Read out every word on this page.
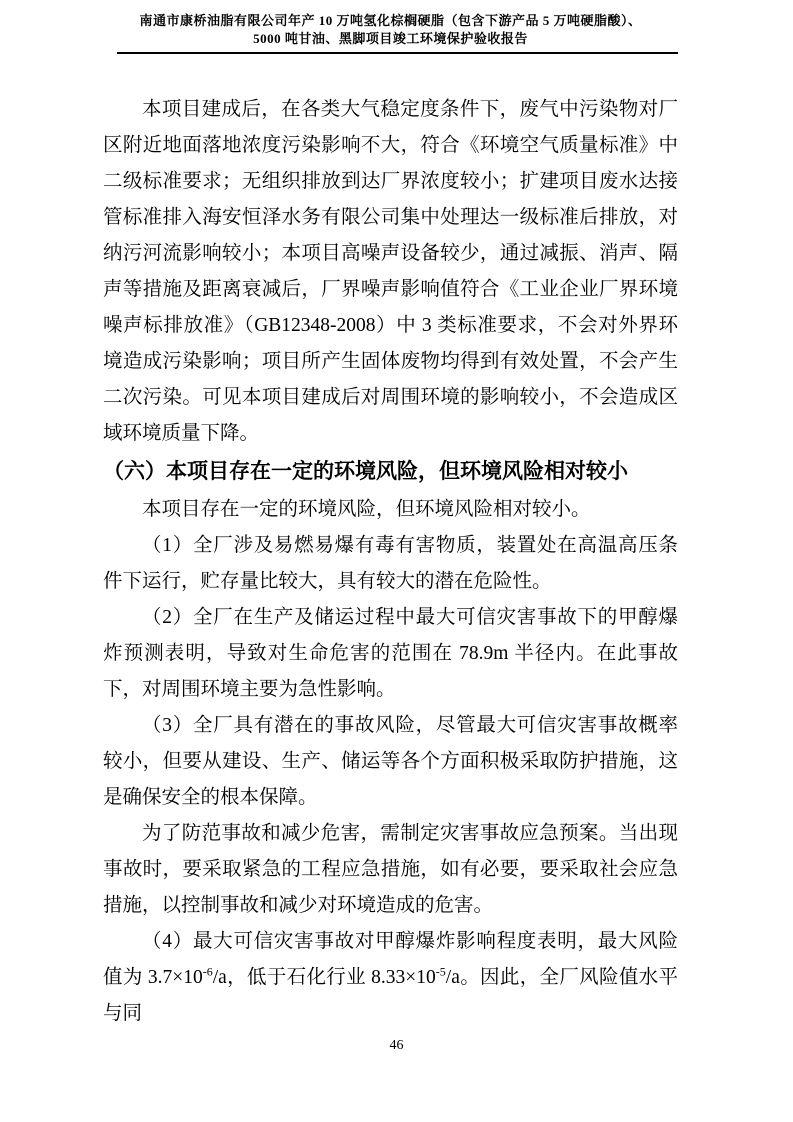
南通市康桥油脂有限公司年产 10 万吨氢化棕榈硬脂（包含下游产品 5 万吨硬脂酸）、
5000 吨甘油、黑脚项目竣工环境保护验收报告

本项目建成后，在各类大气稳定度条件下，废气中污染物对厂区附近地面落地浓度污染影响不大，符合《环境空气质量标准》中二级标准要求；无组织排放到达厂界浓度较小；扩建项目废水达接管标准排入海安恒泽水务有限公司集中处理达一级标准后排放，对纳污河流影响较小；本项目高噪声设备较少，通过减振、消声、隔声等措施及距离衰减后，厂界噪声影响值符合《工业企业厂界环境噪声标排放准》（GB12348-2008）中 3 类标准要求，不会对外界环境造成污染影响；项目所产生固体废物均得到有效处置，不会产生二次污染。可见本项目建成后对周围环境的影响较小，不会造成区域环境质量下降。

（六）本项目存在一定的环境风险，但环境风险相对较小

本项目存在一定的环境风险，但环境风险相对较小。

（1）全厂涉及易燃易爆有毒有害物质，装置处在高温高压条件下运行，贮存量比较大，具有较大的潜在危险性。

（2）全厂在生产及储运过程中最大可信灾害事故下的甲醇爆炸预测表明，导致对生命危害的范围在 78.9m 半径内。在此事故下，对周围环境主要为急性影响。

（3）全厂具有潜在的事故风险，尽管最大可信灾害事故概率较小，但要从建设、生产、储运等各个方面积极采取防护措施，这是确保安全的根本保障。

为了防范事故和减少危害，需制定灾害事故应急预案。当出现事故时，要采取紧急的工程应急措施，如有必要，要采取社会应急措施，以控制事故和减少对环境造成的危害。

（4）最大可信灾害事故对甲醇爆炸影响程度表明，最大风险值为 $3.7\times 10^{-6}/a$，低于石化行业 $8.33\times 10^{-5}/a$。因此，全厂风险值水平与同

46
